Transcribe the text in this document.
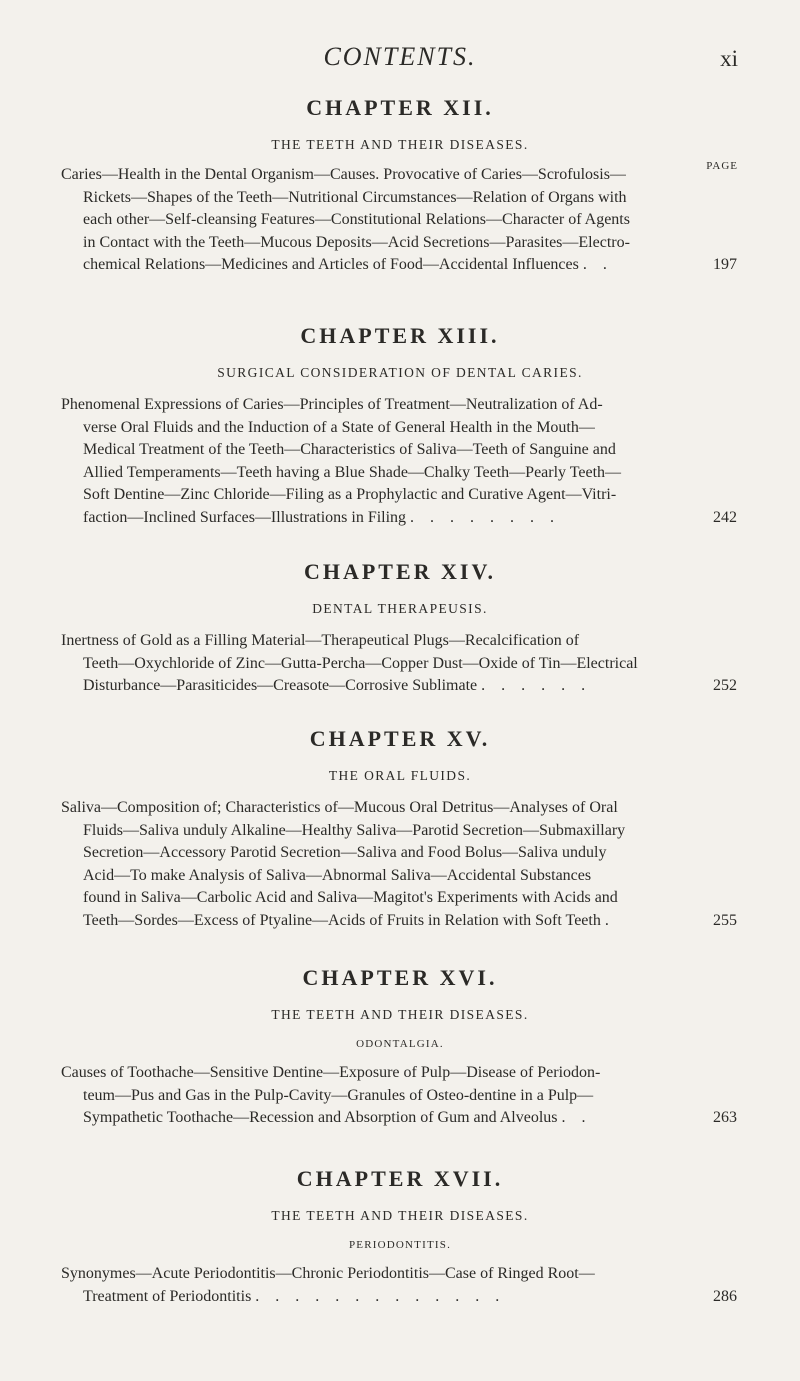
CONTENTS.	xi
PAGE
CHAPTER XII.
THE TEETH AND THEIR DISEASES.
Caries—Health in the Dental Organism—Causes. Provocative of Caries—Scrofulosis—
Rickets—Shapes of the Teeth—Nutritional Circumstances—Relation of Organs with
each other—Self-cleansing Features—Constitutional Relations—Character of Agents
in Contact with the Teeth—Mucous Deposits—Acid Secretions—Parasites—Electro-
chemical Relations—Medicines and Articles of Food—Accidental Influences . .	197
CHAPTER XIII.
SURGICAL CONSIDERATION OF DENTAL CARIES.
Phenomenal Expressions of Caries—Principles of Treatment—Neutralization of Ad-
verse Oral Fluids and the Induction of a State of General Health in the Mouth—
Medical Treatment of the Teeth—Characteristics of Saliva—Teeth of Sanguine and
Allied Temperaments—Teeth having a Blue Shade—Chalky Teeth—Pearly Teeth—
Soft Dentine—Zinc Chloride—Filing as a Prophylactic and Curative Agent—Vitri-
faction—Inclined Surfaces—Illustrations in Filing . . . . . . . .	242
CHAPTER XIV.
DENTAL THERAPEUSIS.
Inertness of Gold as a Filling Material—Therapeutical Plugs—Recalcification of
Teeth—Oxychloride of Zinc—Gutta-Percha—Copper Dust—Oxide of Tin—Electrical
Disturbance—Parasiticides—Creasote—Corrosive Sublimate . . . . . .	252
CHAPTER XV.
THE ORAL FLUIDS.
Saliva—Composition of; Characteristics of—Mucous Oral Detritus—Analyses of Oral
Fluids—Saliva unduly Alkaline—Healthy Saliva—Parotid Secretion—Submaxillary
Secretion—Accessory Parotid Secretion—Saliva and Food Bolus—Saliva unduly
Acid—To make Analysis of Saliva—Abnormal Saliva—Accidental Substances
found in Saliva—Carbolic Acid and Saliva—Magitot's Experiments with Acids and
Teeth—Sordes—Excess of Ptyaline—Acids of Fruits in Relation with Soft Teeth .	255
CHAPTER XVI.
THE TEETH AND THEIR DISEASES.
ODONTALGIA.
Causes of Toothache—Sensitive Dentine—Exposure of Pulp—Disease of Periodon-
teum—Pus and Gas in the Pulp-Cavity—Granules of Osteo-dentine in a Pulp—
Sympathetic Toothache—Recession and Absorption of Gum and Alveolus . .	263
CHAPTER XVII.
THE TEETH AND THEIR DISEASES.
PERIODONTITIS.
Synonymes—Acute Periodontitis—Chronic Periodontitis—Case of Ringed Root—
Treatment of Periodontitis . . . . . . . . . . . . .	286
